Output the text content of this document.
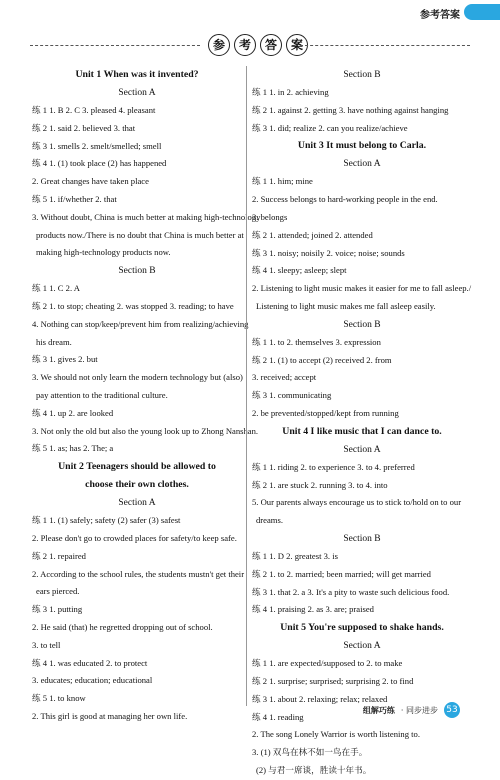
参考答案
参	考	答	案

Unit 1 When was it invented?

Section A

练 1 1. B 2. C 3. pleased 4. pleasant

练 2 1. said 2. believed 3. that

练 3 1. smells 2. smelt/smelled; smell

练 4 1. (1) took place (2) has happened

2. Great changes have taken place

练 5 1. if/whether 2. that

3. Without doubt, China is much better at making high-technology

products now./There is no doubt that China is much better at

making high-technology products now.

Section B

练 1 1. C 2. A

练 2 1. to stop; cheating 2. was stopped 3. reading; to have

4. Nothing can stop/keep/prevent him from realizing/achieving

his dream.

练 3 1. gives 2. but

3. We should not only learn the modern technology but (also)

pay attention to the traditional culture.

练 4 1. up 2. are looked

3. Not only the old but also the young look up to Zhong Nanshan.

练 5 1. as; has 2. The; a

Unit 2 Teenagers should be allowed to

choose their own clothes.

Section A

练 1 1. (1) safely; safety (2) safer (3) safest

2. Please don't go to crowded places for safety/to keep safe.

练 2 1. repaired

2. According to the school rules, the students mustn't get their

ears pierced.

练 3 1. putting

2. He said (that) he regretted dropping out of school.

3. to tell

练 4 1. was educated 2. to protect

3. educates; education; educational

练 5 1. to know

2. This girl is good at managing her own life.

Section B

练 1 1. in 2. achieving

练 2 1. against 2. getting 3. have nothing against hanging

练 3 1. did; realize 2. can you realize/achieve

Unit 3 It must belong to Carla.

Section A

练 1 1. him; mine

2. Success belongs to hard-working people in the end.

3. belongs

练 2 1. attended; joined 2. attended

练 3 1. noisy; noisily 2. voice; noise; sounds

练 4 1. sleepy; asleep; slept

2. Listening to light music makes it easier for me to fall asleep./

Listening to light music makes me fall asleep easily.

Section B

练 1 1. to 2. themselves 3. expression

练 2 1. (1) to accept (2) received 2. from

3. received; accept

练 3 1. communicating

2. be prevented/stopped/kept from running

Unit 4 I like music that I can dance to.

Section A

练 1 1. riding 2. to experience 3. to 4. preferred

练 2 1. are stuck 2. running 3. to 4. into

5. Our parents always encourage us to stick to/hold on to our

dreams.

Section B

练 1 1. D 2. greatest 3. is

练 2 1. to 2. married; been married; will get married

练 3 1. that 2. a 3. It's a pity to waste such delicious food.

练 4 1. praising 2. as 3. are; praised

Unit 5 You're supposed to shake hands.

Section A

练 1 1. are expected/supposed to 2. to make

练 2 1. surprise; surprised; surprising 2. to find

练 3 1. about 2. relaxing; relax; relaxed

练 4 1. reading

2. The song Lonely Warrior is worth listening to.

3. (1) 双鸟在林不如一鸟在手。

(2) 与君一席谈，胜读十年书。

组解巧练 · 同步进步 53
